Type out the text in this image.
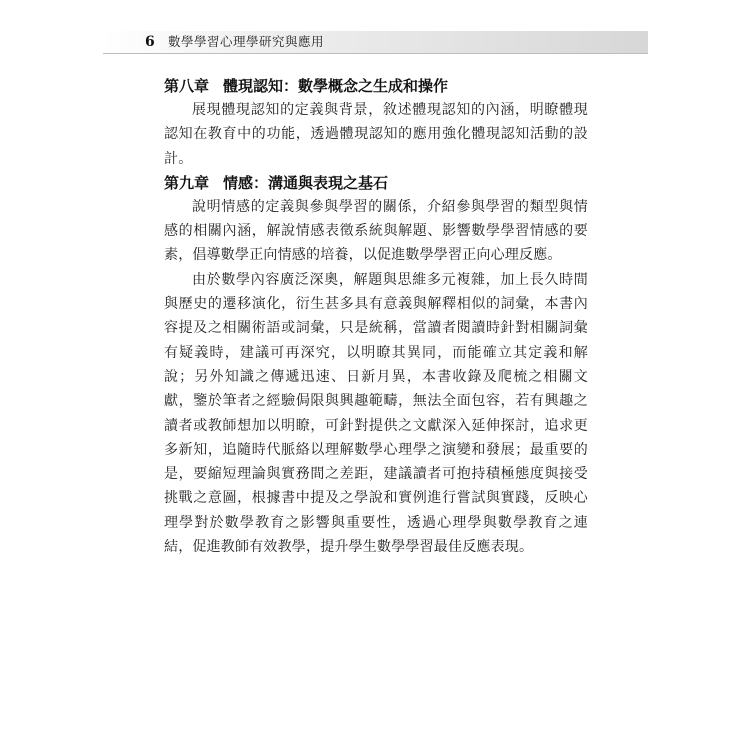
6 數學學習心理學研究與應用
第八章 體現認知：數學概念之生成和操作

展現體現認知的定義與背景，敘述體現認知的內涵，明瞭體現認知在教育中的功能，透過體現認知的應用強化體現認知活動的設計。

第九章 情感：溝通與表現之基石

說明情感的定義與參與學習的關係，介紹參與學習的類型與情感的相關內涵，解說情感表徵系統與解題、影響數學學習情感的要素，倡導數學正向情感的培養，以促進數學學習正向心理反應。

由於數學內容廣泛深奧，解題與思維多元複雜，加上長久時間與歷史的遷移演化，衍生甚多具有意義與解釋相似的詞彙，本書內容提及之相關術語或詞彙，只是統稱，當讀者閱讀時針對相關詞彙有疑義時，建議可再深究，以明瞭其異同，而能確立其定義和解說；另外知識之傳遞迅速、日新月異，本書收錄及爬梳之相關文獻，鑒於筆者之經驗侷限與興趣範疇，無法全面包容，若有興趣之讀者或教師想加以明瞭，可針對提供之文獻深入延伸探討，追求更多新知，追隨時代脈絡以理解數學心理學之演變和發展；最重要的是，要縮短理論與實務間之差距，建議讀者可抱持積極態度與接受挑戰之意圖，根據書中提及之學說和實例進行嘗試與實踐，反映心理學對於數學教育之影響與重要性，透過心理學與數學教育之連結，促進教師有效教學，提升學生數學學習最佳反應表現。
